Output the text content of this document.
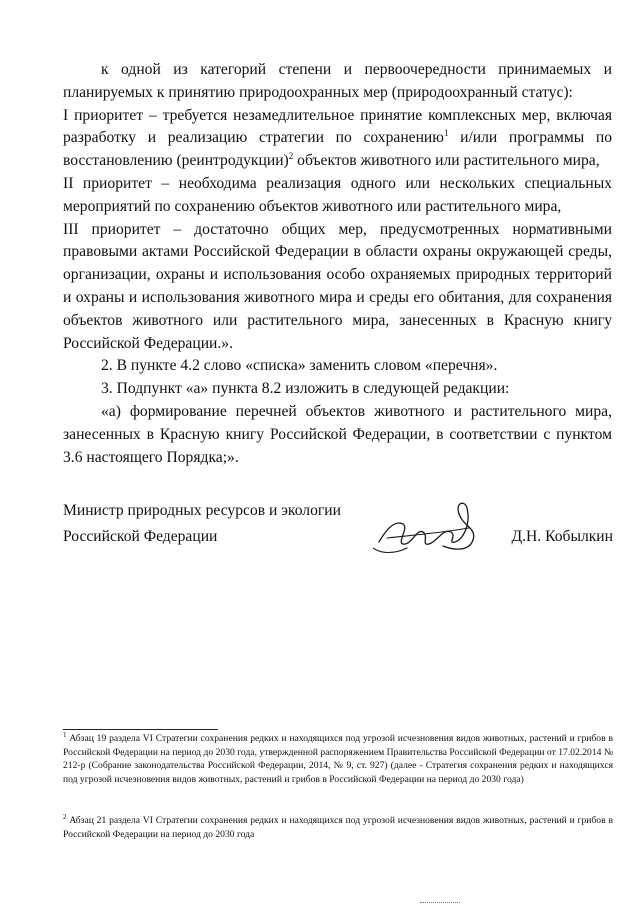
к одной из категорий степени и первоочередности принимаемых и планируемых к принятию природоохранных мер (природоохранный статус):

I приоритет – требуется незамедлительное принятие комплексных мер, включая разработку и реализацию стратегии по сохранению$^1$ и/или программы по восстановлению (реинтродукции)$^2$ объектов животного или растительного мира,

II приоритет – необходима реализация одного или нескольких специальных мероприятий по сохранению объектов животного или растительного мира,

III приоритет – достаточно общих мер, предусмотренных нормативными правовыми актами Российской Федерации в области охраны окружающей среды, организации, охраны и использования особо охраняемых природных территорий и охраны и использования животного мира и среды его обитания, для сохранения объектов животного или растительного мира, занесенных в Красную книгу Российской Федерации.».

2. В пункте 4.2 слово «списка» заменить словом «перечня».

3. Подпункт «а» пункта 8.2 изложить в следующей редакции:

«а) формирование перечней объектов животного и растительного мира, занесенных в Красную книгу Российской Федерации, в соответствии с пунктом 3.6 настоящего Порядка;».

Министр природных ресурсов и экологии
Российской Федерации	Д.Н. Кобылкин

$^1$ Абзац 19 раздела VI Стратегии сохранения редких и находящихся под угрозой исчезновения видов животных, растений и грибов в Российской Федерации на период до 2030 года, утвержденной распоряжением Правительства Российской Федерации от 17.02.2014 № 212-р (Собрание законодательства Российской Федерации, 2014, № 9, ст. 927) (далее - Стратегия сохранения редких и находящихся под угрозой исчезновения видов животных, растений и грибов в Российской Федерации на период до 2030 года)

$^2$ Абзац 21 раздела VI Стратегии сохранения редких и находящихся под угрозой исчезновения видов животных, растений и грибов в Российской Федерации на период до 2030 года
